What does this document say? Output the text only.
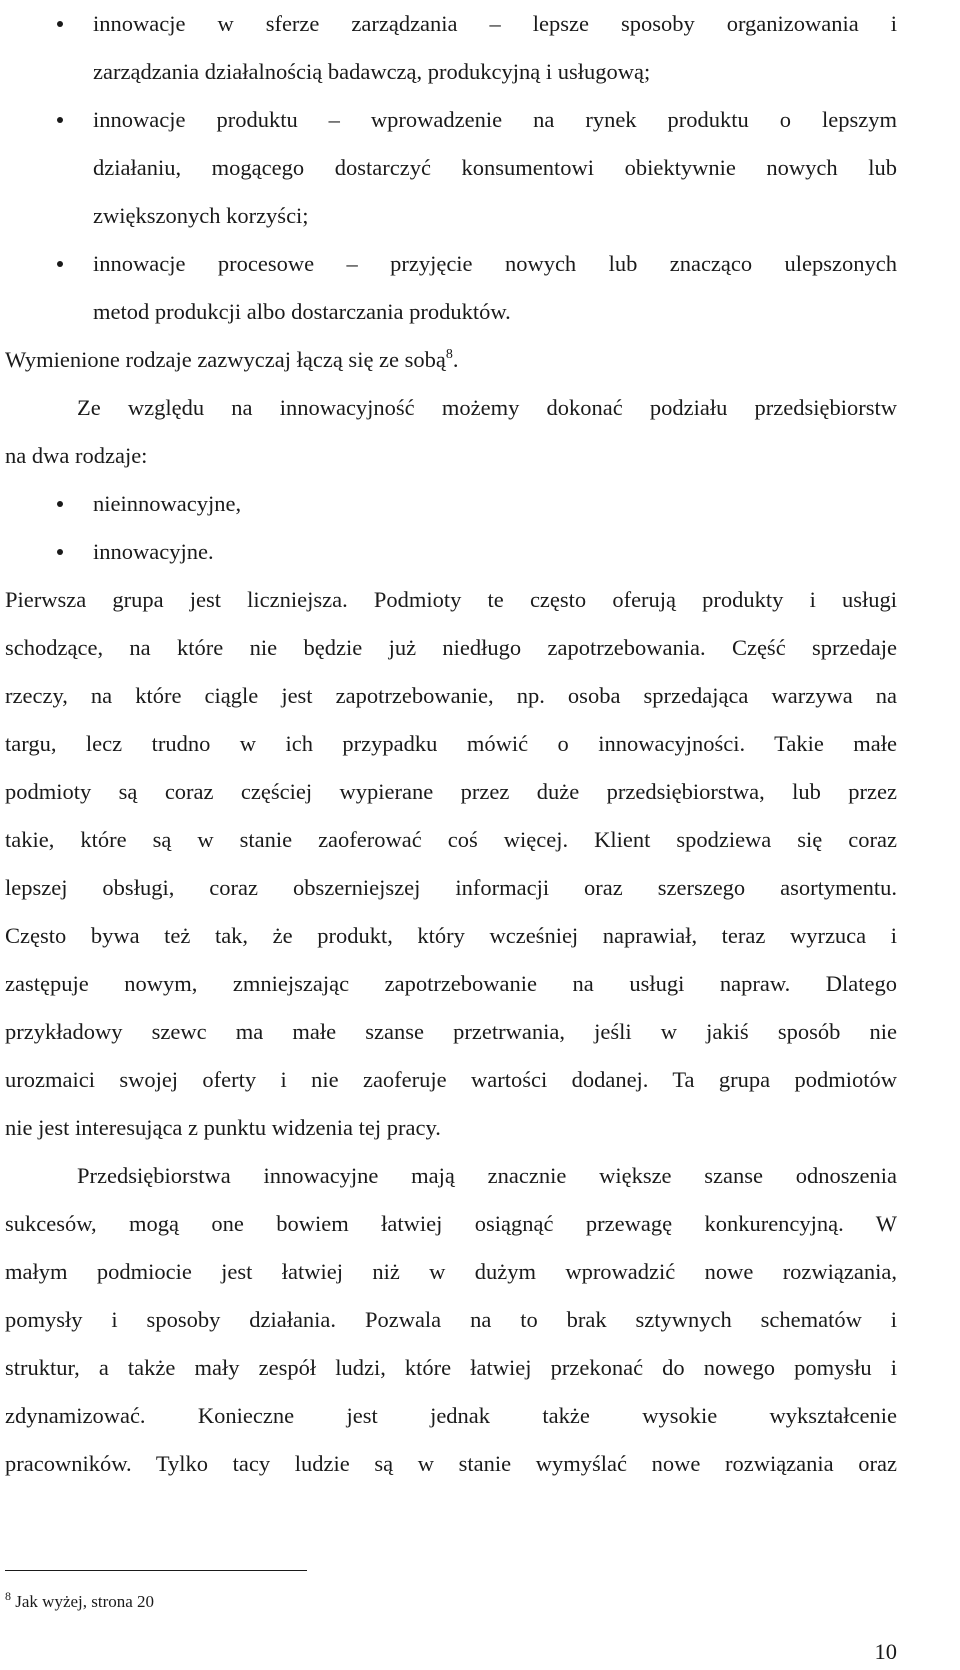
innowacje w sferze zarządzania – lepsze sposoby organizowania i
zarządzania działalnością badawczą, produkcyjną i usługową;
innowacje produktu – wprowadzenie na rynek produktu o lepszym
działaniu, mogącego dostarczyć konsumentowi obiektywnie nowych lub
zwiększonych korzyści;
innowacje procesowe – przyjęcie nowych lub znacząco ulepszonych
metod produkcji albo dostarczania produktów.
Wymienione rodzaje zazwyczaj łączą się ze sobą$^8$.
Ze względu na innowacyjność możemy dokonać podziału przedsiębiorstw
na dwa rodzaje:
nieinnowacyjne,
innowacyjne.
Pierwsza grupa jest liczniejsza. Podmioty te często oferują produkty i usługi
schodzące, na które nie będzie już niedługo zapotrzebowania. Część sprzedaje
rzeczy, na które ciągle jest zapotrzebowanie, np. osoba sprzedająca warzywa na
targu, lecz trudno w ich przypadku mówić o innowacyjności. Takie małe
podmioty są coraz częściej wypierane przez duże przedsiębiorstwa, lub przez
takie, które są w stanie zaoferować coś więcej. Klient spodziewa się coraz
lepszej obsługi, coraz obszerniejszej informacji oraz szerszego asortymentu.
Często bywa też tak, że produkt, który wcześniej naprawiał, teraz wyrzuca i
zastępuje nowym, zmniejszając zapotrzebowanie na usługi napraw. Dlatego
przykładowy szewc ma małe szanse przetrwania, jeśli w jakiś sposób nie
urozmaici swojej oferty i nie zaoferuje wartości dodanej. Ta grupa podmiotów
nie jest interesująca z punktu widzenia tej pracy.
Przedsiębiorstwa innowacyjne mają znacznie większe szanse odnoszenia
sukcesów, mogą one bowiem łatwiej osiągnąć przewagę konkurencyjną. W
małym podmiocie jest łatwiej niż w dużym wprowadzić nowe rozwiązania,
pomysły i sposoby działania. Pozwala na to brak sztywnych schematów i
struktur, a także mały zespół ludzi, które łatwiej przekonać do nowego pomysłu i
zdynamizować. Konieczne jest jednak także wysokie wykształcenie
pracowników. Tylko tacy ludzie są w stanie wymyślać nowe rozwiązania oraz
$^8$ Jak wyżej, strona 20
10
